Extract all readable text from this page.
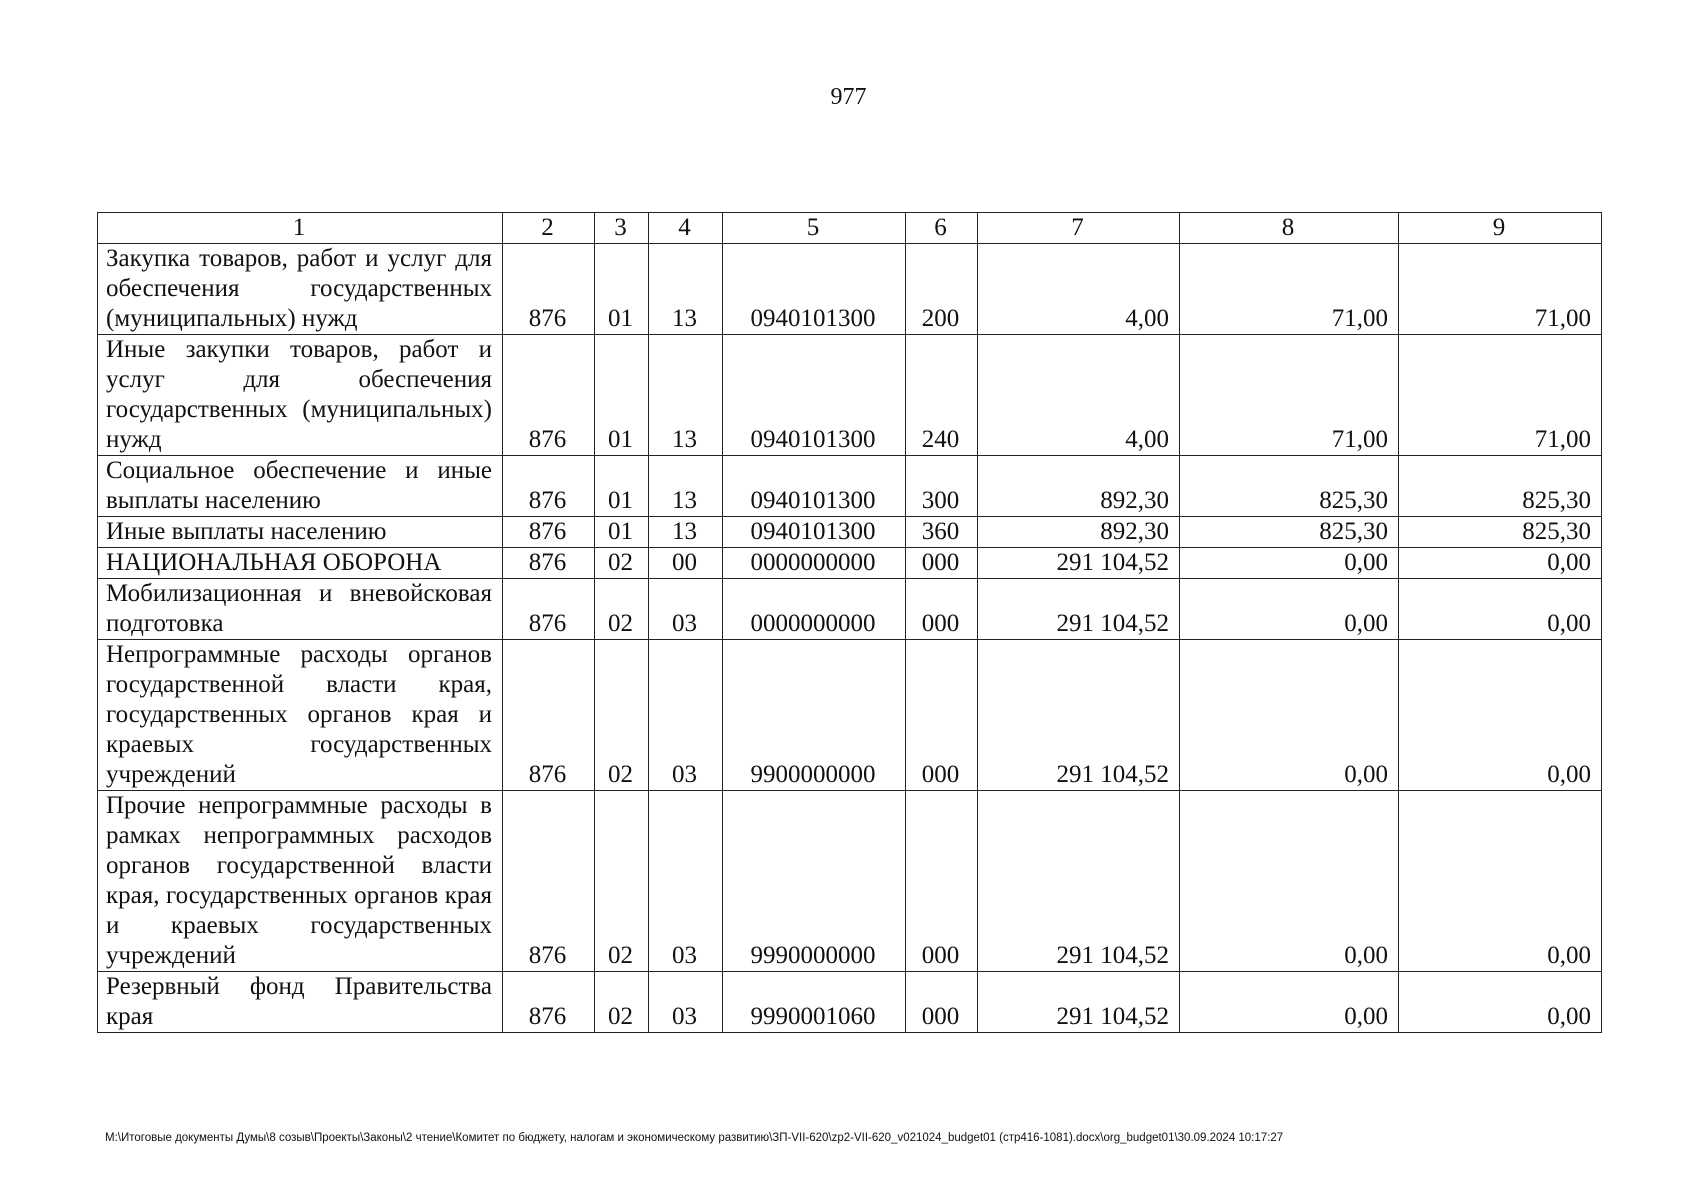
977
1	2	3	4	5	6	7	8	9
Закупка товаров, работ и услуг для обеспечения государственных (муниципальных) нужд	876	01	13	0940101300	200	4,00	71,00	71,00
Иные закупки товаров, работ и услуг для обеспечения государственных (муниципальных) нужд	876	01	13	0940101300	240	4,00	71,00	71,00
Социальное обеспечение и иные выплаты населению	876	01	13	0940101300	300	892,30	825,30	825,30
Иные выплаты населению	876	01	13	0940101300	360	892,30	825,30	825,30
НАЦИОНАЛЬНАЯ ОБОРОНА	876	02	00	0000000000	000	291 104,52	0,00	0,00
Мобилизационная и вневойсковая подготовка	876	02	03	0000000000	000	291 104,52	0,00	0,00
Непрограммные расходы органов государственной власти края, государственных органов края и краевых государственных учреждений	876	02	03	9900000000	000	291 104,52	0,00	0,00
Прочие непрограммные расходы в рамках непрограммных расходов органов государственной власти края, государственных органов края и краевых государственных учреждений	876	02	03	9990000000	000	291 104,52	0,00	0,00
Резервный фонд Правительства края	876	02	03	9990001060	000	291 104,52	0,00	0,00
M:\Итоговые документы Думы\8 созыв\Проекты\Законы\2 чтение\Комитет по бюджету, налогам и экономическому развитию\ЗП-VII-620\zp2-VII-620_v021024_budget01 (стр416-1081).docx\org_budget01\30.09.2024 10:17:27
